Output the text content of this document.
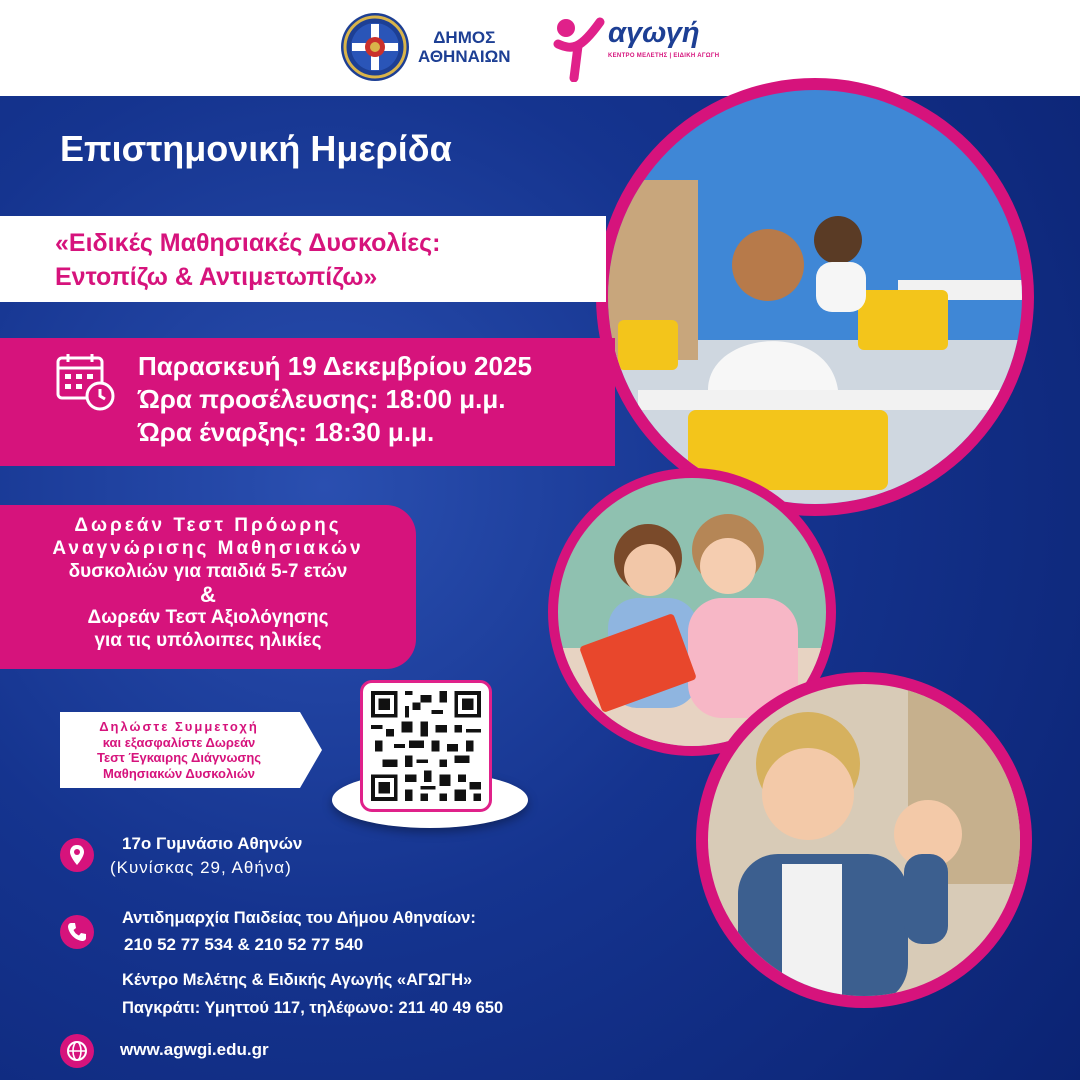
ΔΗΜΟΣ
ΑΘΗΝΑΙΩΝ
αγωγή
ΚΕΝΤΡΟ ΜΕΛΕΤΗΣ | ΕΙΔΙΚΗ ΑΓΩΓΗ
Επιστημονική Ημερίδα
«Ειδικές Μαθησιακές Δυσκολίες:
Εντοπίζω & Αντιμετωπίζω»
Παρασκευή 19 Δεκεμβρίου 2025
Ώρα προσέλευσης: 18:00 μ.μ.
Ώρα έναρξης: 18:30 μ.μ.
Δωρεάν Τεστ Πρόωρης
Αναγνώρισης Μαθησιακών
δυσκολιών για παιδιά 5-7 ετών
&
Δωρεάν Τεστ Αξιολόγησης
για τις υπόλοιπες ηλικίες
Δηλώστε Συμμετοχή
και εξασφαλίστε Δωρεάν
Τεστ Έγκαιρης Διάγνωσης
Μαθησιακών Δυσκολιών
17ο Γυμνάσιο Αθηνών
(Κυνίσκας 29, Αθήνα)
Αντιδημαρχία Παιδείας του Δήμου Αθηναίων:
210 52 77 534 & 210 52 77 540
Κέντρο Μελέτης & Ειδικής Αγωγής «ΑΓΩΓΗ»
Παγκράτι: Υμηττού 117, τηλέφωνο: 211 40 49 650
www.agwgi.edu.gr
